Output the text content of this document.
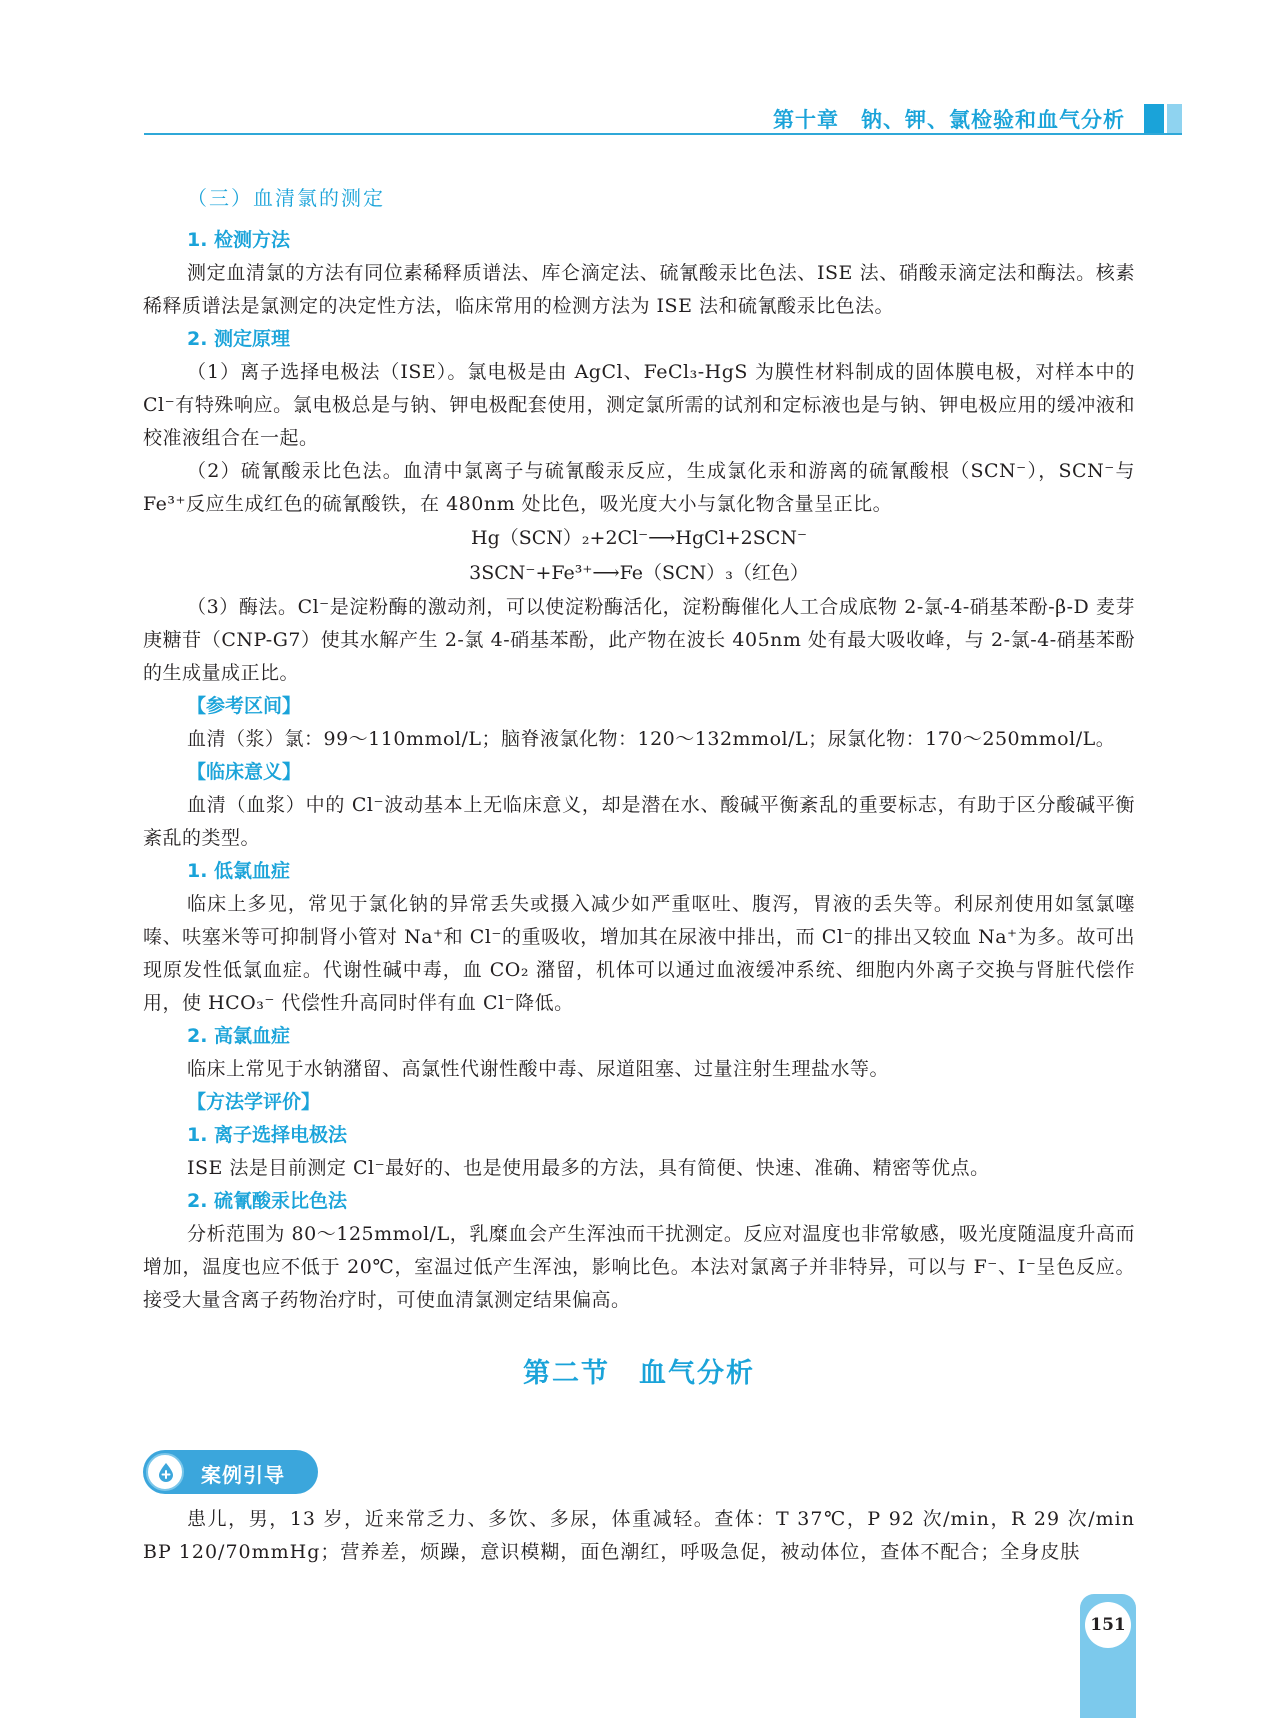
第十章　钠、钾、氯检验和血气分析
（三）血清氯的测定
1. 检测方法

测定血清氯的方法有同位素稀释质谱法、库仑滴定法、硫氰酸汞比色法、ISE 法、硝酸汞滴定法和酶法。核素稀释质谱法是氯测定的决定性方法，临床常用的检测方法为 ISE 法和硫氰酸汞比色法。

2. 测定原理

（1）离子选择电极法（ISE）。氯电极是由 AgCl、FeCl₃-HgS 为膜性材料制成的固体膜电极，对样本中的 Cl⁻有特殊响应。氯电极总是与钠、钾电极配套使用，测定氯所需的试剂和定标液也是与钠、钾电极应用的缓冲液和校准液组合在一起。

（2）硫氰酸汞比色法。血清中氯离子与硫氰酸汞反应，生成氯化汞和游离的硫氰酸根（SCN⁻），SCN⁻与 Fe³⁺反应生成红色的硫氰酸铁，在 480nm 处比色，吸光度大小与氯化物含量呈正比。

Hg（SCN）₂+2Cl⁻⟶HgCl+2SCN⁻

3SCN⁻+Fe³⁺⟶Fe（SCN）₃（红色）

（3）酶法。Cl⁻是淀粉酶的激动剂，可以使淀粉酶活化，淀粉酶催化人工合成底物 2-氯-4-硝基苯酚-β-D 麦芽庚糖苷（CNP-G7）使其水解产生 2-氯 4-硝基苯酚，此产物在波长 405nm 处有最大吸收峰，与 2-氯-4-硝基苯酚的生成量成正比。

【参考区间】

血清（浆）氯：99～110mmol/L；脑脊液氯化物：120～132mmol/L；尿氯化物：170～250mmol/L。

【临床意义】

血清（血浆）中的 Cl⁻波动基本上无临床意义，却是潜在水、酸碱平衡紊乱的重要标志，有助于区分酸碱平衡紊乱的类型。

1. 低氯血症

临床上多见，常见于氯化钠的异常丢失或摄入减少如严重呕吐、腹泻，胃液的丢失等。利尿剂使用如氢氯噻嗪、呋塞米等可抑制肾小管对 Na⁺和 Cl⁻的重吸收，增加其在尿液中排出，而 Cl⁻的排出又较血 Na⁺为多。故可出现原发性低氯血症。代谢性碱中毒，血 CO₂ 潴留，机体可以通过血液缓冲系统、细胞内外离子交换与肾脏代偿作用，使 HCO₃⁻ 代偿性升高同时伴有血 Cl⁻降低。

2. 高氯血症

临床上常见于水钠潴留、高氯性代谢性酸中毒、尿道阻塞、过量注射生理盐水等。

【方法学评价】
1. 离子选择电极法

ISE 法是目前测定 Cl⁻最好的、也是使用最多的方法，具有简便、快速、准确、精密等优点。

2. 硫氰酸汞比色法

分析范围为 80～125mmol/L，乳糜血会产生浑浊而干扰测定。反应对温度也非常敏感，吸光度随温度升高而增加，温度也应不低于 20℃，室温过低产生浑浊，影响比色。本法对氯离子并非特异，可以与 F⁻、I⁻呈色反应。接受大量含离子药物治疗时，可使血清氯测定结果偏高。

第二节　血气分析
案例引导

患儿，男，13 岁，近来常乏力、多饮、多尿，体重减轻。查体：T 37℃，P 92 次/min，R 29 次/min BP 120/70mmHg；营养差，烦躁，意识模糊，面色潮红，呼吸急促，被动体位，查体不配合；全身皮肤

151
